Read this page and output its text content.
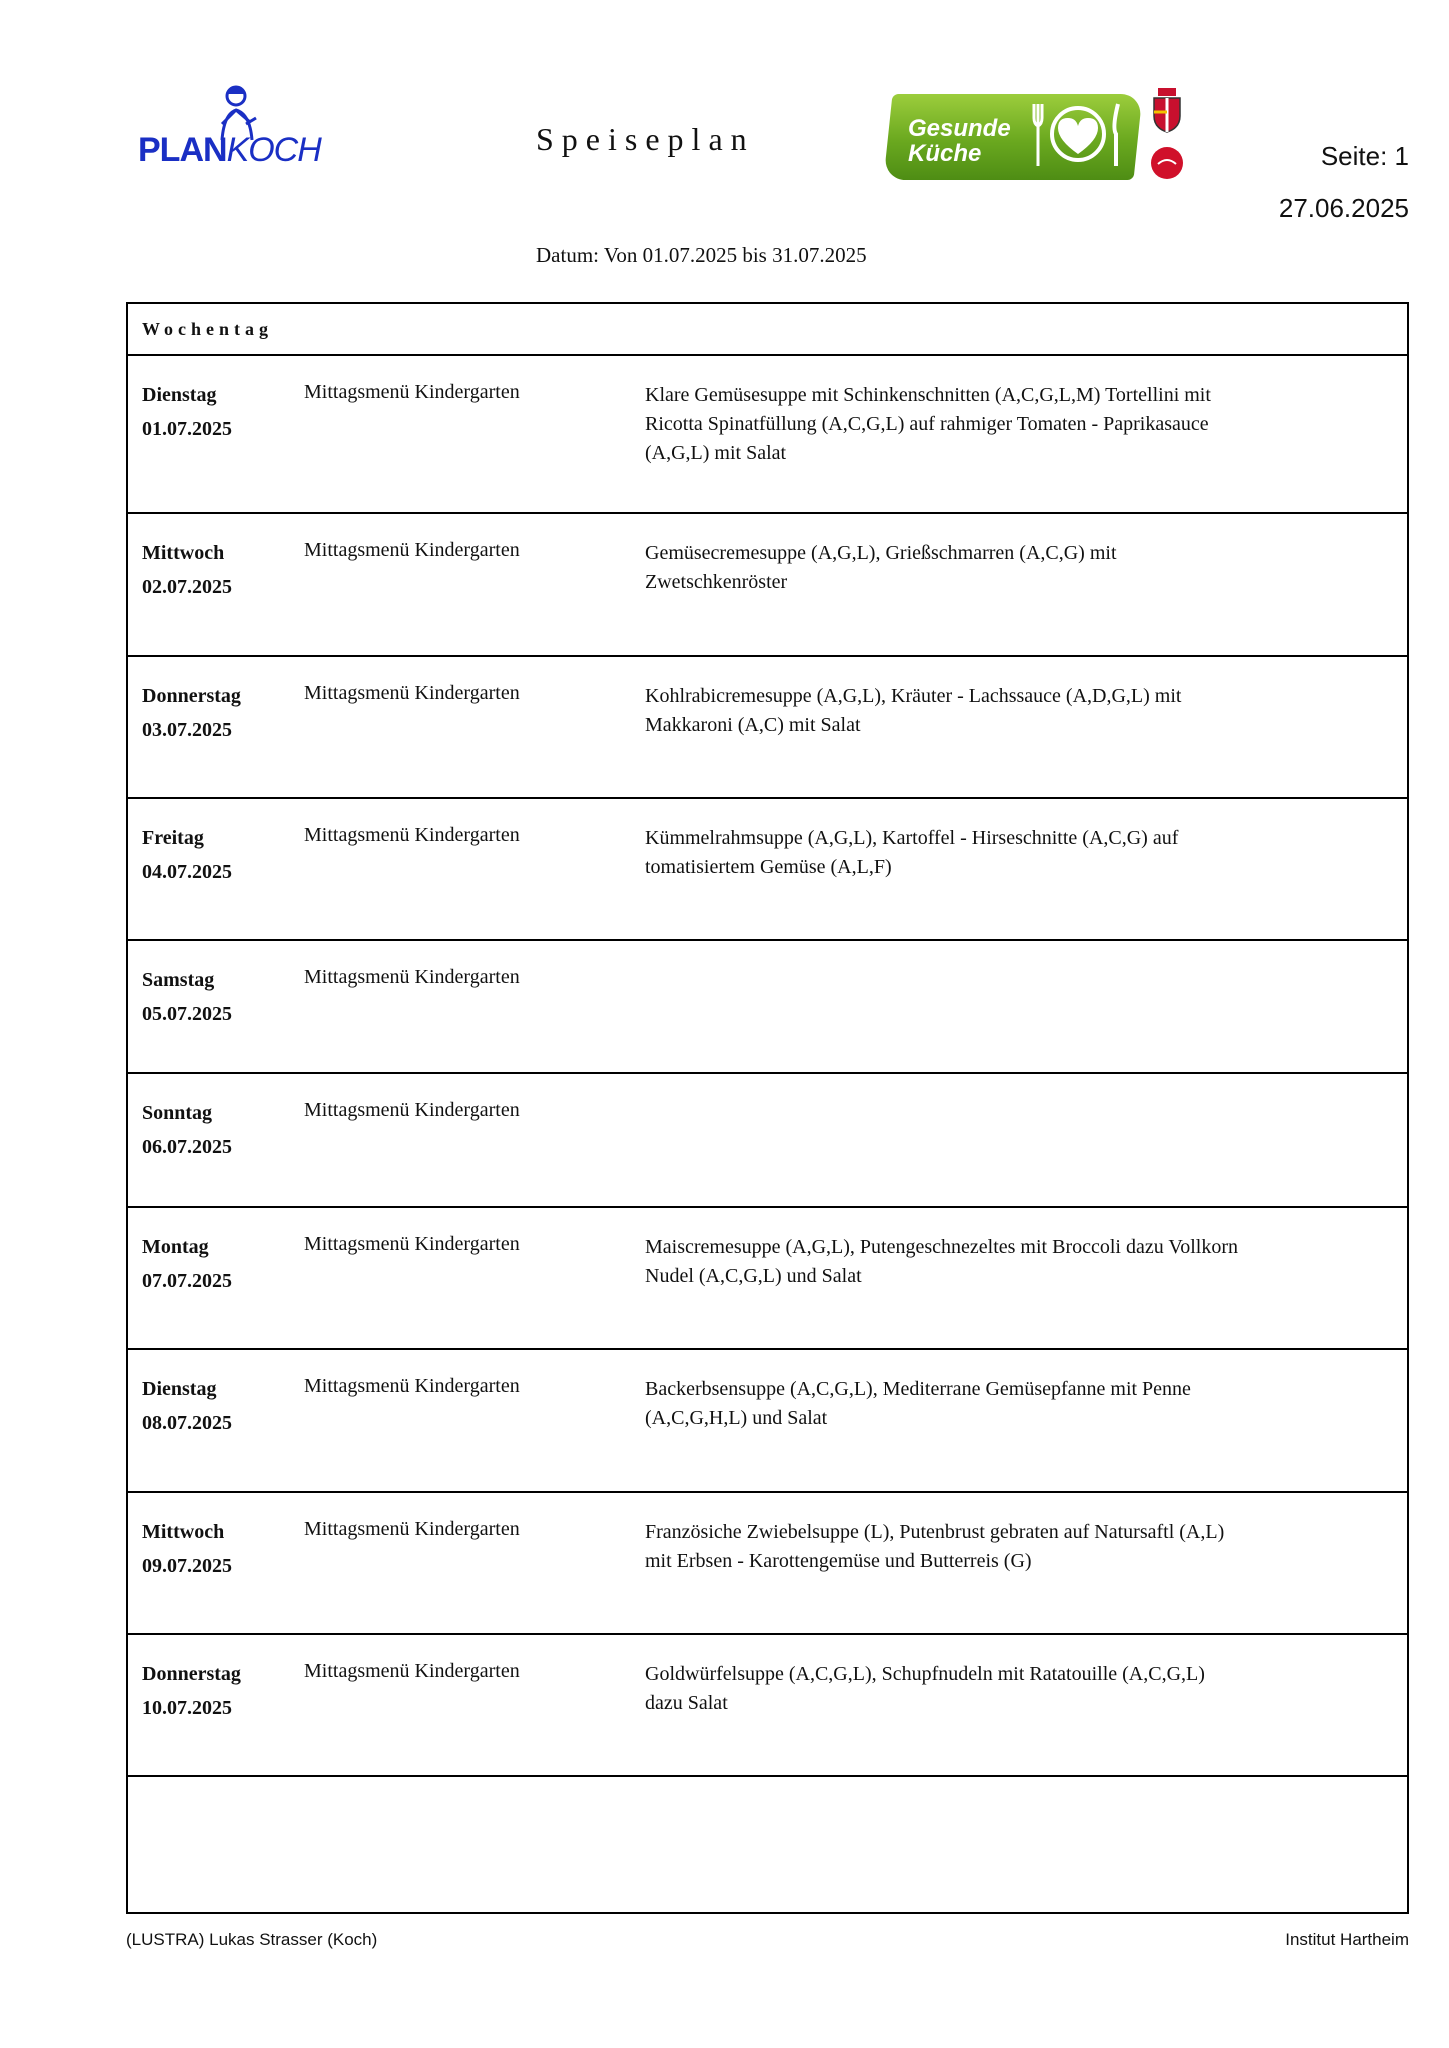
PLANKOCH	Speiseplan	Gesunde
Küche	Seite: 1
27.06.2025
Datum: Von 01.07.2025 bis 31.07.2025
Wochentag
Dienstag
01.07.2025
Mittagsmenü Kindergarten	Klare Gemüsesuppe mit Schinkenschnitten (A,C,G,L,M) Tortellini mit Ricotta Spinatfüllung (A,C,G,L) auf rahmiger Tomaten - Paprikasauce (A,G,L) mit Salat
Mittwoch
02.07.2025
Mittagsmenü Kindergarten	Gemüsecremesuppe (A,G,L), Grießschmarren (A,C,G) mit Zwetschkenröster
Donnerstag
03.07.2025
Mittagsmenü Kindergarten	Kohlrabicremesuppe (A,G,L), Kräuter - Lachssauce (A,D,G,L) mit Makkaroni (A,C) mit Salat
Freitag
04.07.2025
Mittagsmenü Kindergarten	Kümmelrahmsuppe (A,G,L), Kartoffel - Hirseschnitte (A,C,G) auf tomatisiertem Gemüse (A,L,F)
Samstag
05.07.2025
Mittagsmenü Kindergarten
Sonntag
06.07.2025
Mittagsmenü Kindergarten
Montag
07.07.2025
Mittagsmenü Kindergarten	Maiscremesuppe (A,G,L), Putengeschnezeltes mit Broccoli dazu Vollkorn Nudel (A,C,G,L) und Salat
Dienstag
08.07.2025
Mittagsmenü Kindergarten	Backerbsensuppe (A,C,G,L), Mediterrane Gemüsepfanne mit Penne (A,C,G,H,L) und Salat
Mittwoch
09.07.2025
Mittagsmenü Kindergarten	Französiche Zwiebelsuppe (L), Putenbrust gebraten auf Natursaftl (A,L) mit Erbsen - Karottengemüse und Butterreis (G)
Donnerstag
10.07.2025
Mittagsmenü Kindergarten	Goldwürfelsuppe (A,C,G,L), Schupfnudeln mit Ratatouille (A,C,G,L) dazu Salat
(LUSTRA) Lukas Strasser (Koch)	Institut Hartheim
